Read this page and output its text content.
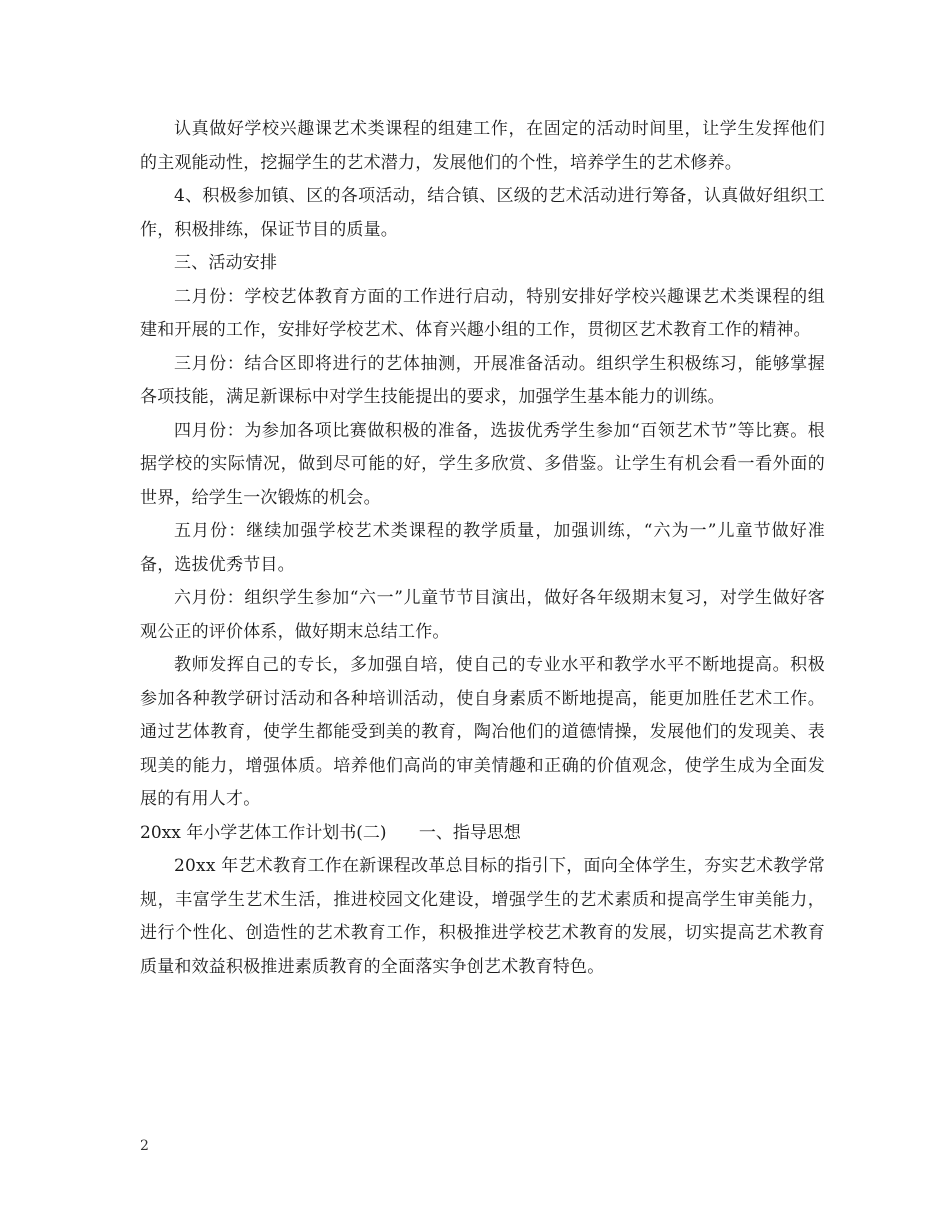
认真做好学校兴趣课艺术类课程的组建工作，在固定的活动时间里，让学生发挥他们的主观能动性，挖掘学生的艺术潜力，发展他们的个性，培养学生的艺术修养。

4、积极参加镇、区的各项活动，结合镇、区级的艺术活动进行筹备，认真做好组织工作，积极排练，保证节目的质量。

三、活动安排

二月份：学校艺体教育方面的工作进行启动，特别安排好学校兴趣课艺术类课程的组建和开展的工作，安排好学校艺术、体育兴趣小组的工作，贯彻区艺术教育工作的精神。

三月份：结合区即将进行的艺体抽测，开展准备活动。组织学生积极练习，能够掌握各项技能，满足新课标中对学生技能提出的要求，加强学生基本能力的训练。

四月份：为参加各项比赛做积极的准备，选拔优秀学生参加“百领艺术节”等比赛。根据学校的实际情况，做到尽可能的好，学生多欣赏、多借鉴。让学生有机会看一看外面的世界，给学生一次锻炼的机会。

五月份：继续加强学校艺术类课程的教学质量，加强训练，“六为一”儿童节做好准备，选拔优秀节目。

六月份：组织学生参加“六一”儿童节节目演出，做好各年级期末复习，对学生做好客观公正的评价体系，做好期末总结工作。

教师发挥自己的专长，多加强自培，使自己的专业水平和教学水平不断地提高。积极参加各种教学研讨活动和各种培训活动，使自身素质不断地提高，能更加胜任艺术工作。通过艺体教育，使学生都能受到美的教育，陶冶他们的道德情操，发展他们的发现美、表现美的能力，增强体质。培养他们高尚的审美情趣和正确的价值观念，使学生成为全面发展的有用人才。

20xx 年小学艺体工作计划书(二)      一、指导思想

20xx 年艺术教育工作在新课程改革总目标的指引下，面向全体学生，夯实艺术教学常规，丰富学生艺术生活，推进校园文化建设，增强学生的艺术素质和提高学生审美能力，进行个性化、创造性的艺术教育工作，积极推进学校艺术教育的发展，切实提高艺术教育质量和效益积极推进素质教育的全面落实争创艺术教育特色。

2
